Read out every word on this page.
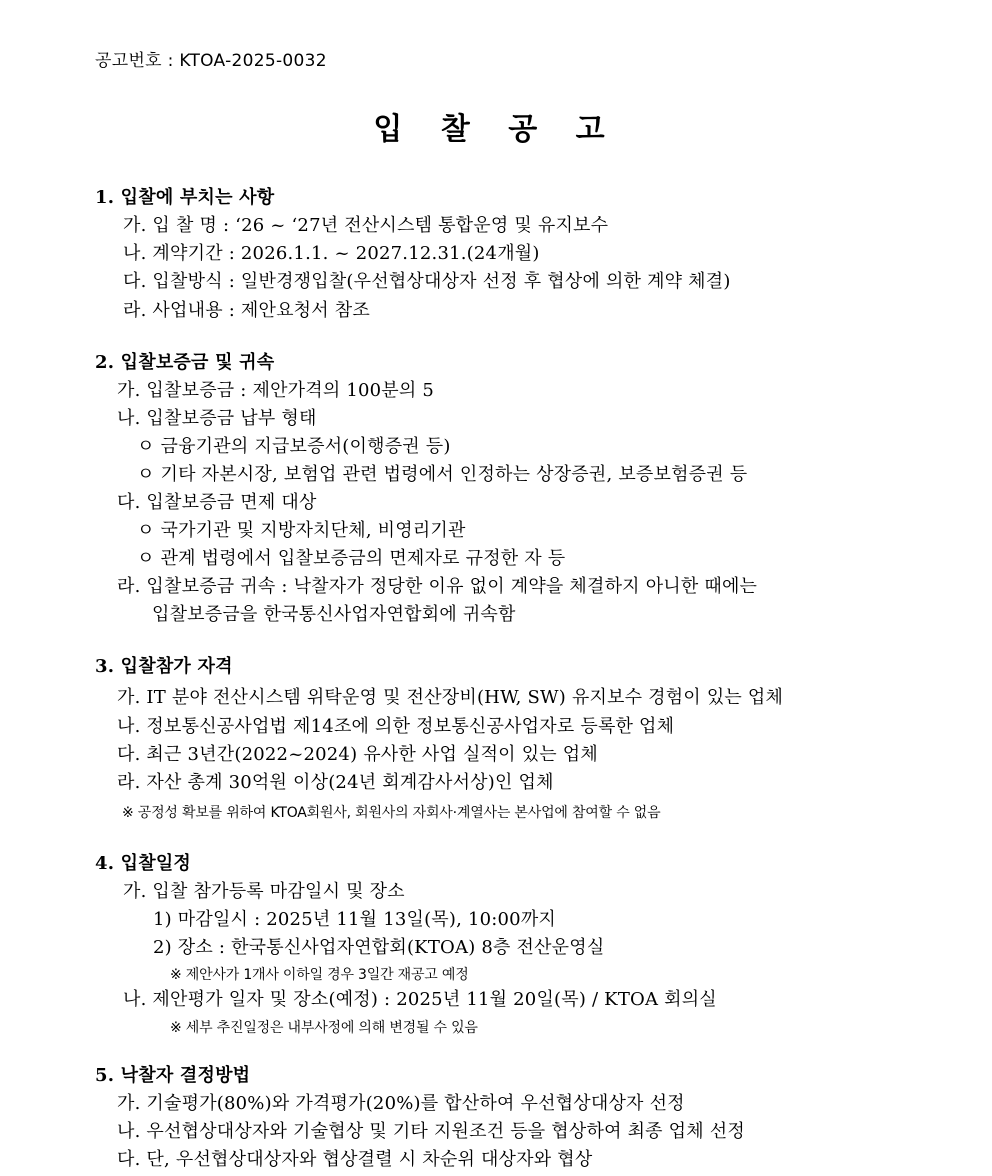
공고번호 : KTOA-2025-0032
입 찰 공 고
1. 입찰에 부치는 사항
가. 입 찰 명 : ‘26 ~ ‘27년 전산시스템 통합운영 및 유지보수
나. 계약기간 : 2026.1.1. ~ 2027.12.31.(24개월)
다. 입찰방식 : 일반경쟁입찰(우선협상대상자 선정 후 협상에 의한 계약 체결)
라. 사업내용 : 제안요청서 참조
2. 입찰보증금 및 귀속
가. 입찰보증금 : 제안가격의 100분의 5
나. 입찰보증금 납부 형태
ㅇ 금융기관의 지급보증서(이행증권 등)
ㅇ 기타 자본시장, 보험업 관련 법령에서 인정하는 상장증권, 보증보험증권 등
다. 입찰보증금 면제 대상
ㅇ 국가기관 및 지방자치단체, 비영리기관
ㅇ 관계 법령에서 입찰보증금의 면제자로 규정한 자 등
라. 입찰보증금 귀속 : 낙찰자가 정당한 이유 없이 계약을 체결하지 아니한 때에는
입찰보증금을 한국통신사업자연합회에 귀속함
3. 입찰참가 자격
가. IT 분야 전산시스템 위탁운영 및 전산장비(HW, SW) 유지보수 경험이 있는 업체
나. 정보통신공사업법 제14조에 의한 정보통신공사업자로 등록한 업체
다. 최근 3년간(2022~2024) 유사한 사업 실적이 있는 업체
라. 자산 총계 30억원 이상(24년 회계감사서상)인 업체
※ 공정성 확보를 위하여 KTOA회원사, 회원사의 자회사·계열사는 본사업에 참여할 수 없음
4. 입찰일정
가. 입찰 참가등록 마감일시 및 장소
1) 마감일시 : 2025년 11월 13일(목), 10:00까지
2) 장소 : 한국통신사업자연합회(KTOA) 8층 전산운영실
※ 제안사가 1개사 이하일 경우 3일간 재공고 예정
나. 제안평가 일자 및 장소(예정) : 2025년 11월 20일(목) / KTOA 회의실
※ 세부 추진일정은 내부사정에 의해 변경될 수 있음
5. 낙찰자 결정방법
가. 기술평가(80%)와 가격평가(20%)를 합산하여 우선협상대상자 선정
나. 우선협상대상자와 기술협상 및 기타 지원조건 등을 협상하여 최종 업체 선정
다. 단, 우선협상대상자와 협상결렬 시 차순위 대상자와 협상
